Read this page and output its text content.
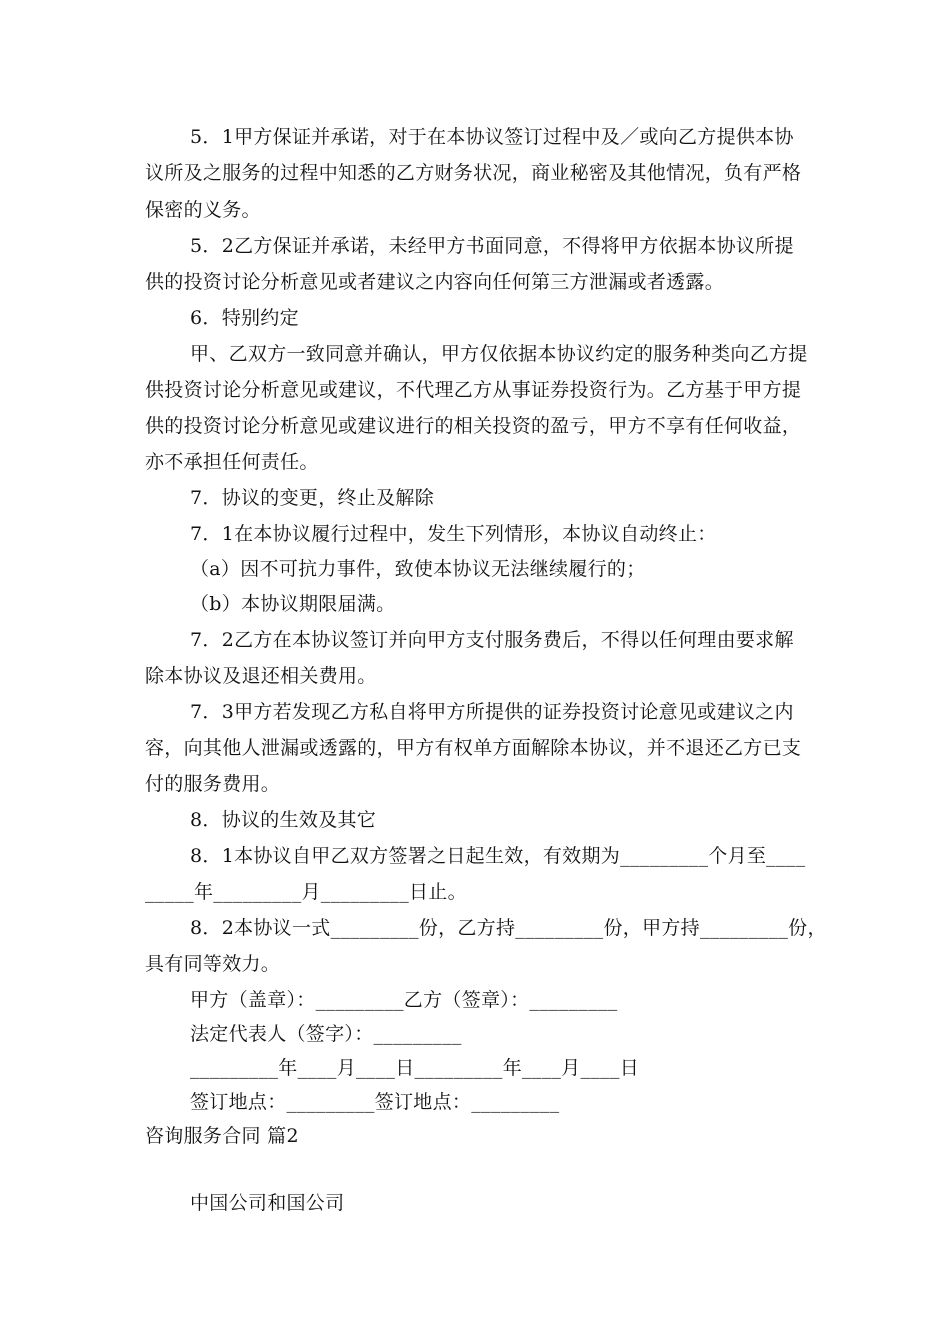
5．1甲方保证并承诺，对于在本协议签订过程中及／或向乙方提供本协
议所及之服务的过程中知悉的乙方财务状况，商业秘密及其他情况，负有严格
保密的义务。
5．2乙方保证并承诺，未经甲方书面同意，不得将甲方依据本协议所提
供的投资讨论分析意见或者建议之内容向任何第三方泄漏或者透露。
6．特别约定
甲、乙双方一致同意并确认，甲方仅依据本协议约定的服务种类向乙方提
供投资讨论分析意见或建议，不代理乙方从事证券投资行为。乙方基于甲方提
供的投资讨论分析意见或建议进行的相关投资的盈亏，甲方不享有任何收益，
亦不承担任何责任。
7．协议的变更，终止及解除
7．1在本协议履行过程中，发生下列情形，本协议自动终止：
（a）因不可抗力事件，致使本协议无法继续履行的；
（b）本协议期限届满。
7．2乙方在本协议签订并向甲方支付服务费后，不得以任何理由要求解
除本协议及退还相关费用。
7．3甲方若发现乙方私自将甲方所提供的证券投资讨论意见或建议之内
容，向其他人泄漏或透露的，甲方有权单方面解除本协议，并不退还乙方已支
付的服务费用。
8．协议的生效及其它
8．1本协议自甲乙双方签署之日起生效，有效期为_________个月至____
_____年_________月_________日止。
8．2本协议一式_________份，乙方持_________份，甲方持_________份，
具有同等效力。
甲方（盖章）：_________乙方（签章）：_________
法定代表人（签字）：_________
_________年____月____日_________年____月____日
签订地点：_________签订地点：_________
咨询服务合同 篇2
中国公司和国公司
